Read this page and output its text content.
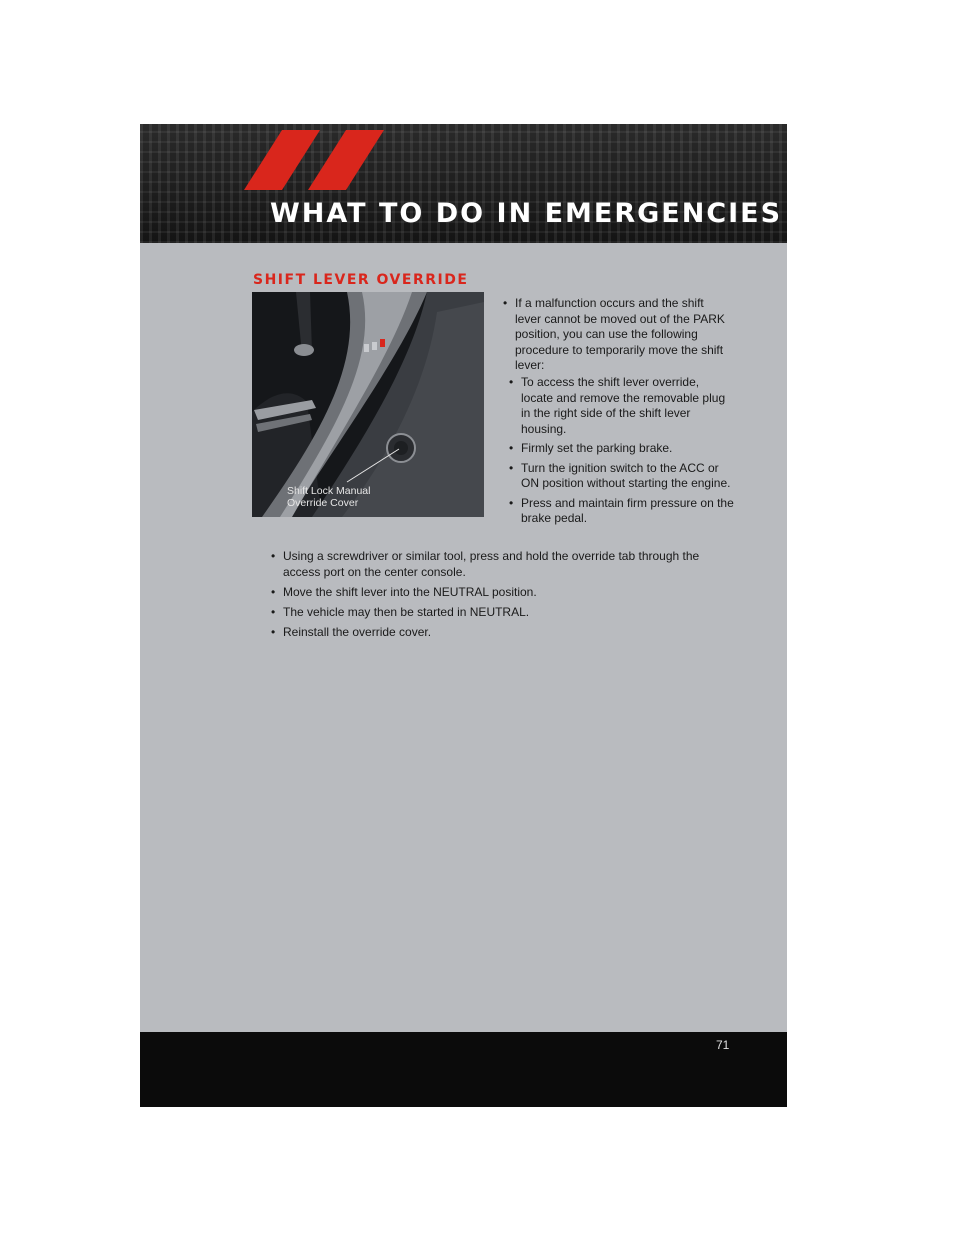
WHAT TO DO IN EMERGENCIES
SHIFT LEVER OVERRIDE
Shift Lock Manual
Override Cover
• If a malfunction occurs and the shift lever cannot be moved out of the PARK position, you can use the following procedure to temporarily move the shift lever:
• To access the shift lever override, locate and remove the removable plug in the right side of the shift lever housing.
• Firmly set the parking brake.
• Turn the ignition switch to the ACC or ON position without starting the engine.
• Press and maintain firm pressure on the brake pedal.
• Using a screwdriver or similar tool, press and hold the override tab through the access port on the center console.
• Move the shift lever into the NEUTRAL position.
• The vehicle may then be started in NEUTRAL.
• Reinstall the override cover.
71
